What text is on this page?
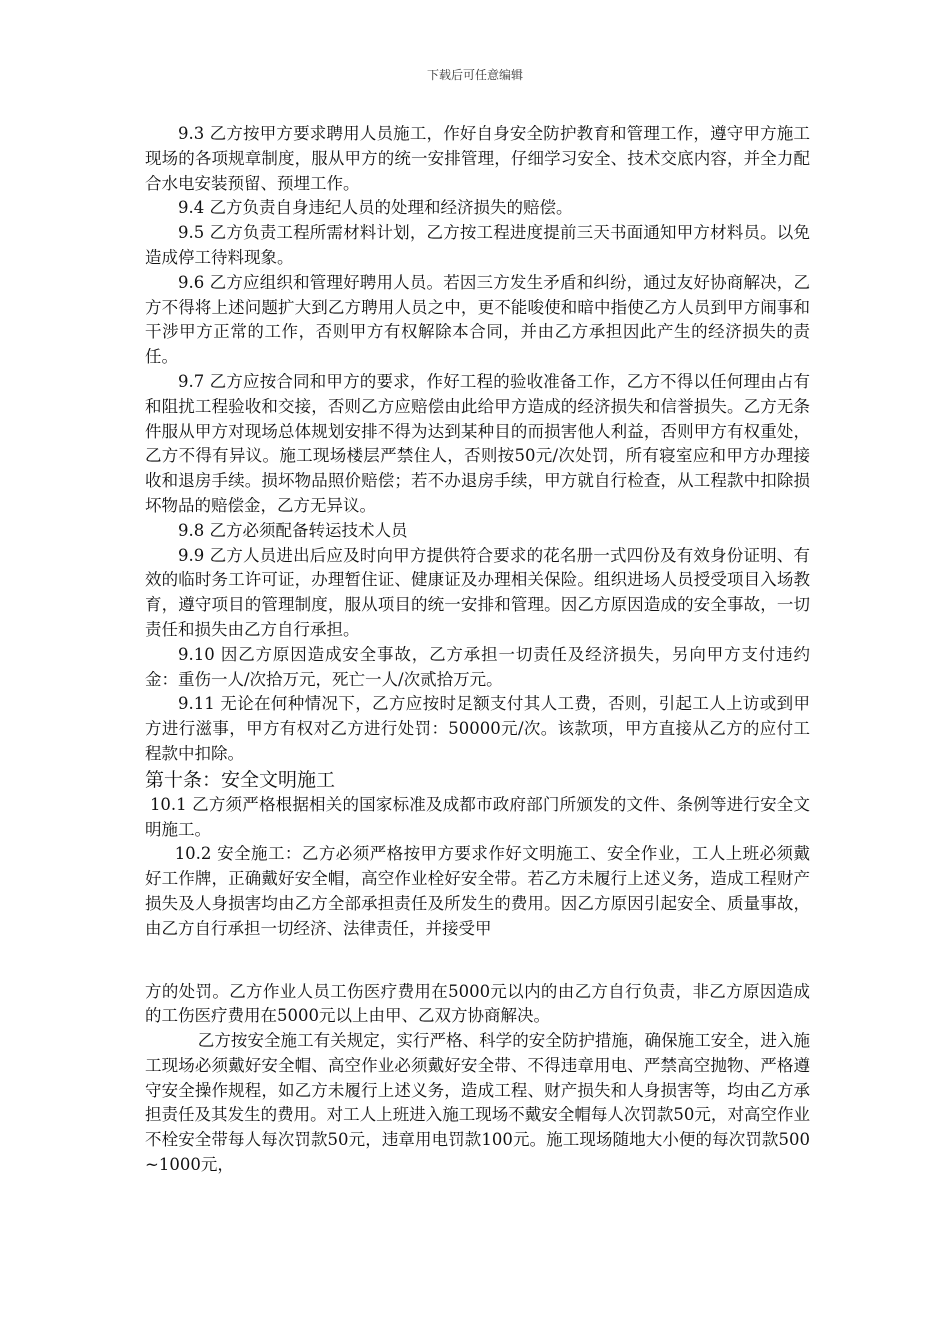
下载后可任意编辑

9.3 乙方按甲方要求聘用人员施工，作好自身安全防护教育和管理工作，遵守甲方施工现场的各项规章制度，服从甲方的统一安排管理，仔细学习安全、技术交底内容，并全力配合水电安装预留、预埋工作。

9.4 乙方负责自身违纪人员的处理和经济损失的赔偿。

9.5 乙方负责工程所需材料计划，乙方按工程进度提前三天书面通知甲方材料员。以免造成停工待料现象。

9.6 乙方应组织和管理好聘用人员。若因三方发生矛盾和纠纷，通过友好协商解决，乙方不得将上述问题扩大到乙方聘用人员之中，更不能唆使和暗中指使乙方人员到甲方闹事和干涉甲方正常的工作，否则甲方有权解除本合同，并由乙方承担因此产生的经济损失的责任。

9.7 乙方应按合同和甲方的要求，作好工程的验收准备工作，乙方不得以任何理由占有和阻扰工程验收和交接，否则乙方应赔偿由此给甲方造成的经济损失和信誉损失。乙方无条件服从甲方对现场总体规划安排不得为达到某种目的而损害他人利益，否则甲方有权重处，乙方不得有异议。施工现场楼层严禁住人，否则按50元/次处罚，所有寝室应和甲方办理接收和退房手续。损坏物品照价赔偿；若不办退房手续，甲方就自行检查，从工程款中扣除损坏物品的赔偿金，乙方无异议。

9.8 乙方必须配备转运技术人员

9.9 乙方人员进出后应及时向甲方提供符合要求的花名册一式四份及有效身份证明、有效的临时务工许可证，办理暂住证、健康证及办理相关保险。组织进场人员授受项目入场教育，遵守项目的管理制度，服从项目的统一安排和管理。因乙方原因造成的安全事故，一切责任和损失由乙方自行承担。

9.10 因乙方原因造成安全事故，乙方承担一切责任及经济损失，另向甲方支付违约金：重伤一人/次拾万元，死亡一人/次贰拾万元。

9.11 无论在何种情况下，乙方应按时足额支付其人工费，否则，引起工人上访或到甲方进行滋事，甲方有权对乙方进行处罚：50000元/次。该款项，甲方直接从乙方的应付工程款中扣除。

第十条：安全文明施工

10.1 乙方须严格根据相关的国家标准及成都市政府部门所颁发的文件、条例等进行安全文明施工。

10.2 安全施工：乙方必须严格按甲方要求作好文明施工、安全作业，工人上班必须戴好工作牌，正确戴好安全帽，高空作业栓好安全带。若乙方未履行上述义务，造成工程财产损失及人身损害均由乙方全部承担责任及所发生的费用。因乙方原因引起安全、质量事故，由乙方自行承担一切经济、法律责任，并接受甲

方的处罚。乙方作业人员工伤医疗费用在5000元以内的由乙方自行负责，非乙方原因造成的工伤医疗费用在5000元以上由甲、乙双方协商解决。

乙方按安全施工有关规定，实行严格、科学的安全防护措施，确保施工安全，进入施工现场必须戴好安全帽、高空作业必须戴好安全带、不得违章用电、严禁高空抛物、严格遵守安全操作规程，如乙方未履行上述义务，造成工程、财产损失和人身损害等，均由乙方承担责任及其发生的费用。对工人上班进入施工现场不戴安全帽每人次罚款50元，对高空作业不栓安全带每人每次罚款50元，违章用电罚款100元。施工现场随地大小便的每次罚款500~1000元，
